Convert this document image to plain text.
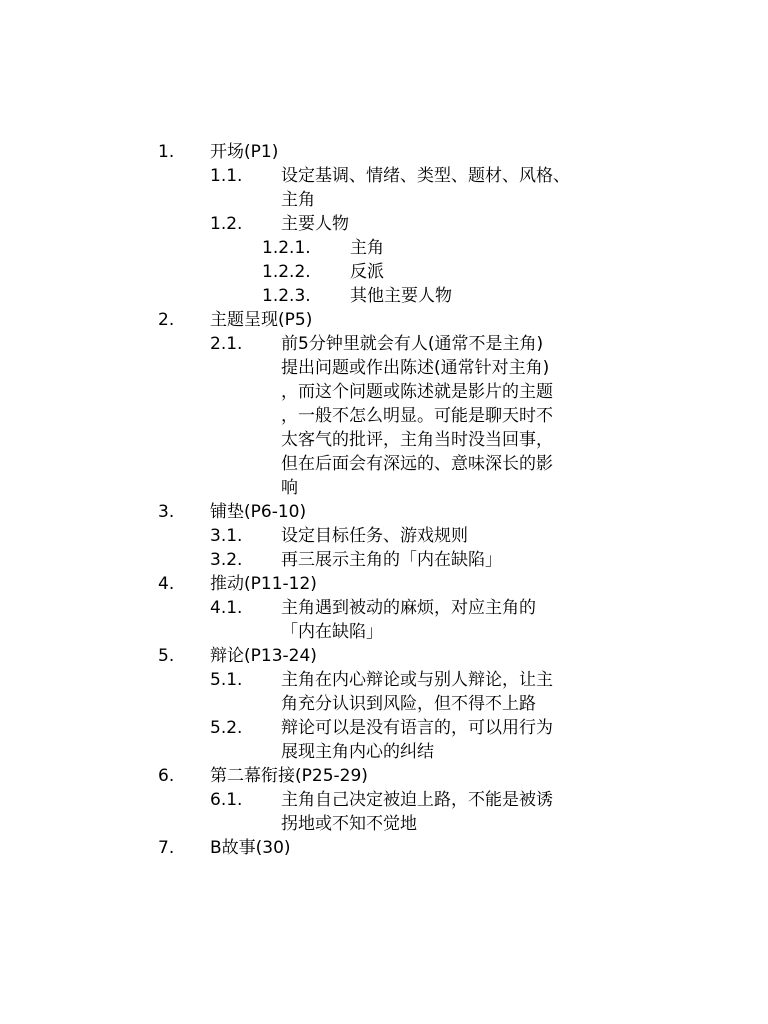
1. 开场(P1)
1.1. 设定基调、情绪、类型、题材、风格、
主角
1.2. 主要人物
1.2.1. 主角
1.2.2. 反派
1.2.3. 其他主要人物
2. 主题呈现(P5)
2.1. 前5分钟里就会有人(通常不是主角)
提出问题或作出陈述(通常针对主角)
，而这个问题或陈述就是影片的主题
，一般不怎么明显。可能是聊天时不
太客气的批评，主角当时没当回事，
但在后面会有深远的、意味深长的影
响
3. 铺垫(P6-10)
3.1. 设定目标任务、游戏规则
3.2. 再三展示主角的「内在缺陷」
4. 推动(P11-12)
4.1. 主角遇到被动的麻烦，对应主角的
「内在缺陷」
5. 辩论(P13-24)
5.1. 主角在内心辩论或与别人辩论，让主
角充分认识到风险，但不得不上路
5.2. 辩论可以是没有语言的，可以用行为
展现主角内心的纠结
6. 第二幕衔接(P25-29)
6.1. 主角自己决定被迫上路，不能是被诱
拐地或不知不觉地
7. B故事(30)
